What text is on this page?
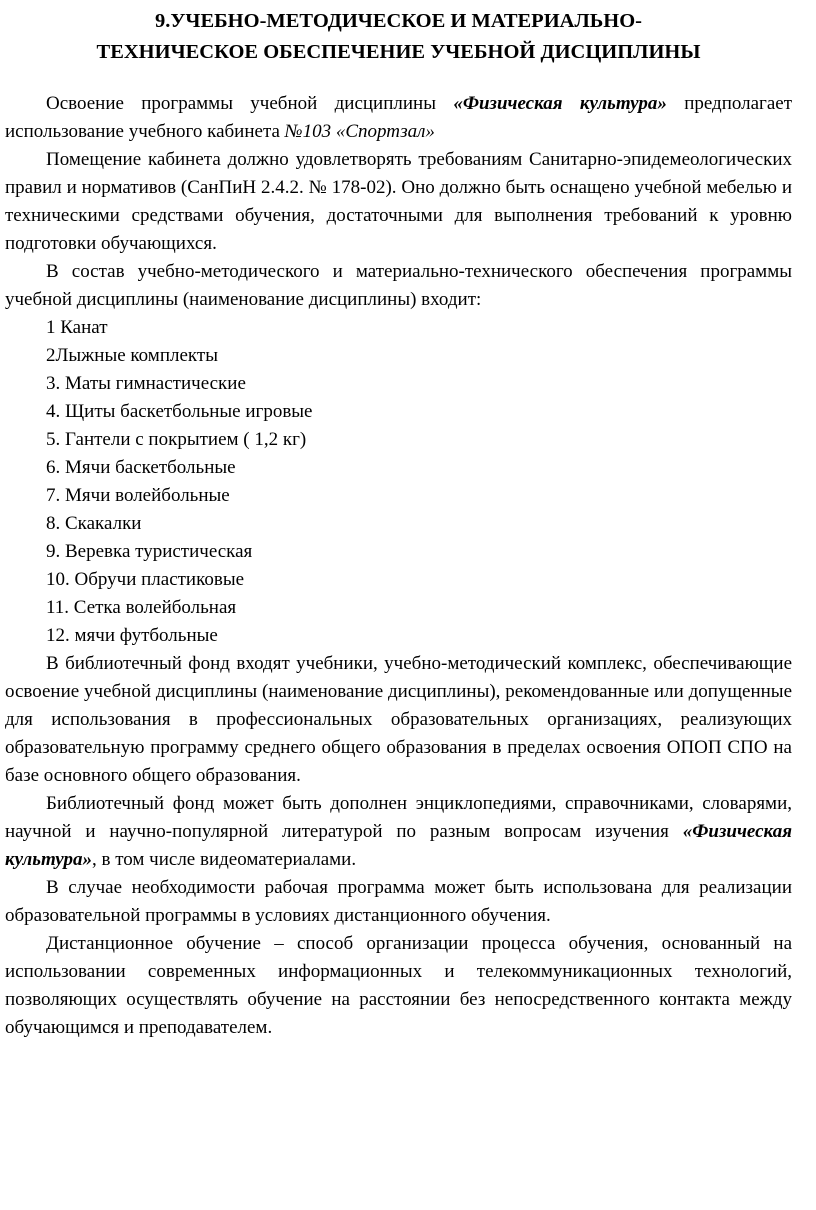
9.УЧЕБНО-МЕТОДИЧЕСКОЕ И МАТЕРИАЛЬНО-
ТЕХНИЧЕСКОЕ ОБЕСПЕЧЕНИЕ УЧЕБНОЙ ДИСЦИПЛИНЫ

Освоение программы учебной дисциплины «Физическая культура» предполагает использование учебного кабинета №103 «Спортзал»

Помещение кабинета должно удовлетворять требованиям Санитарно-эпидемеологических правил и нормативов (СанПиН 2.4.2. № 178-02). Оно должно быть оснащено учебной мебелью и техническими средствами обучения, достаточными для выполнения требований к уровню подготовки обучающихся.

В состав учебно-методического и материально-технического обеспечения программы учебной дисциплины (наименование дисциплины) входит:

1 Канат

2Лыжные комплекты

3. Маты гимнастические

4. Щиты баскетбольные игровые

5. Гантели с покрытием ( 1,2 кг)

6. Мячи баскетбольные

7. Мячи волейбольные

8. Скакалки

9. Веревка туристическая

10. Обручи пластиковые

11. Сетка волейбольная

12. мячи футбольные

В библиотечный фонд входят учебники, учебно-методический комплекс, обеспечивающие освоение учебной дисциплины (наименование дисциплины), рекомендованные или допущенные для использования в профессиональных образовательных организациях, реализующих образовательную программу среднего общего образования в пределах освоения ОПОП СПО на базе основного общего образования.

Библиотечный фонд может быть дополнен энциклопедиями, справочниками, словарями, научной и научно-популярной литературой по разным вопросам изучения «Физическая культура», в том числе видеоматериалами.

В случае необходимости рабочая программа может быть использована для реализации образовательной программы в условиях дистанционного обучения.

Дистанционное обучение – способ организации процесса обучения, основанный на использовании современных информационных и телекоммуникационных технологий, позволяющих осуществлять обучение на расстоянии без непосредственного контакта между обучающимся и преподавателем.
